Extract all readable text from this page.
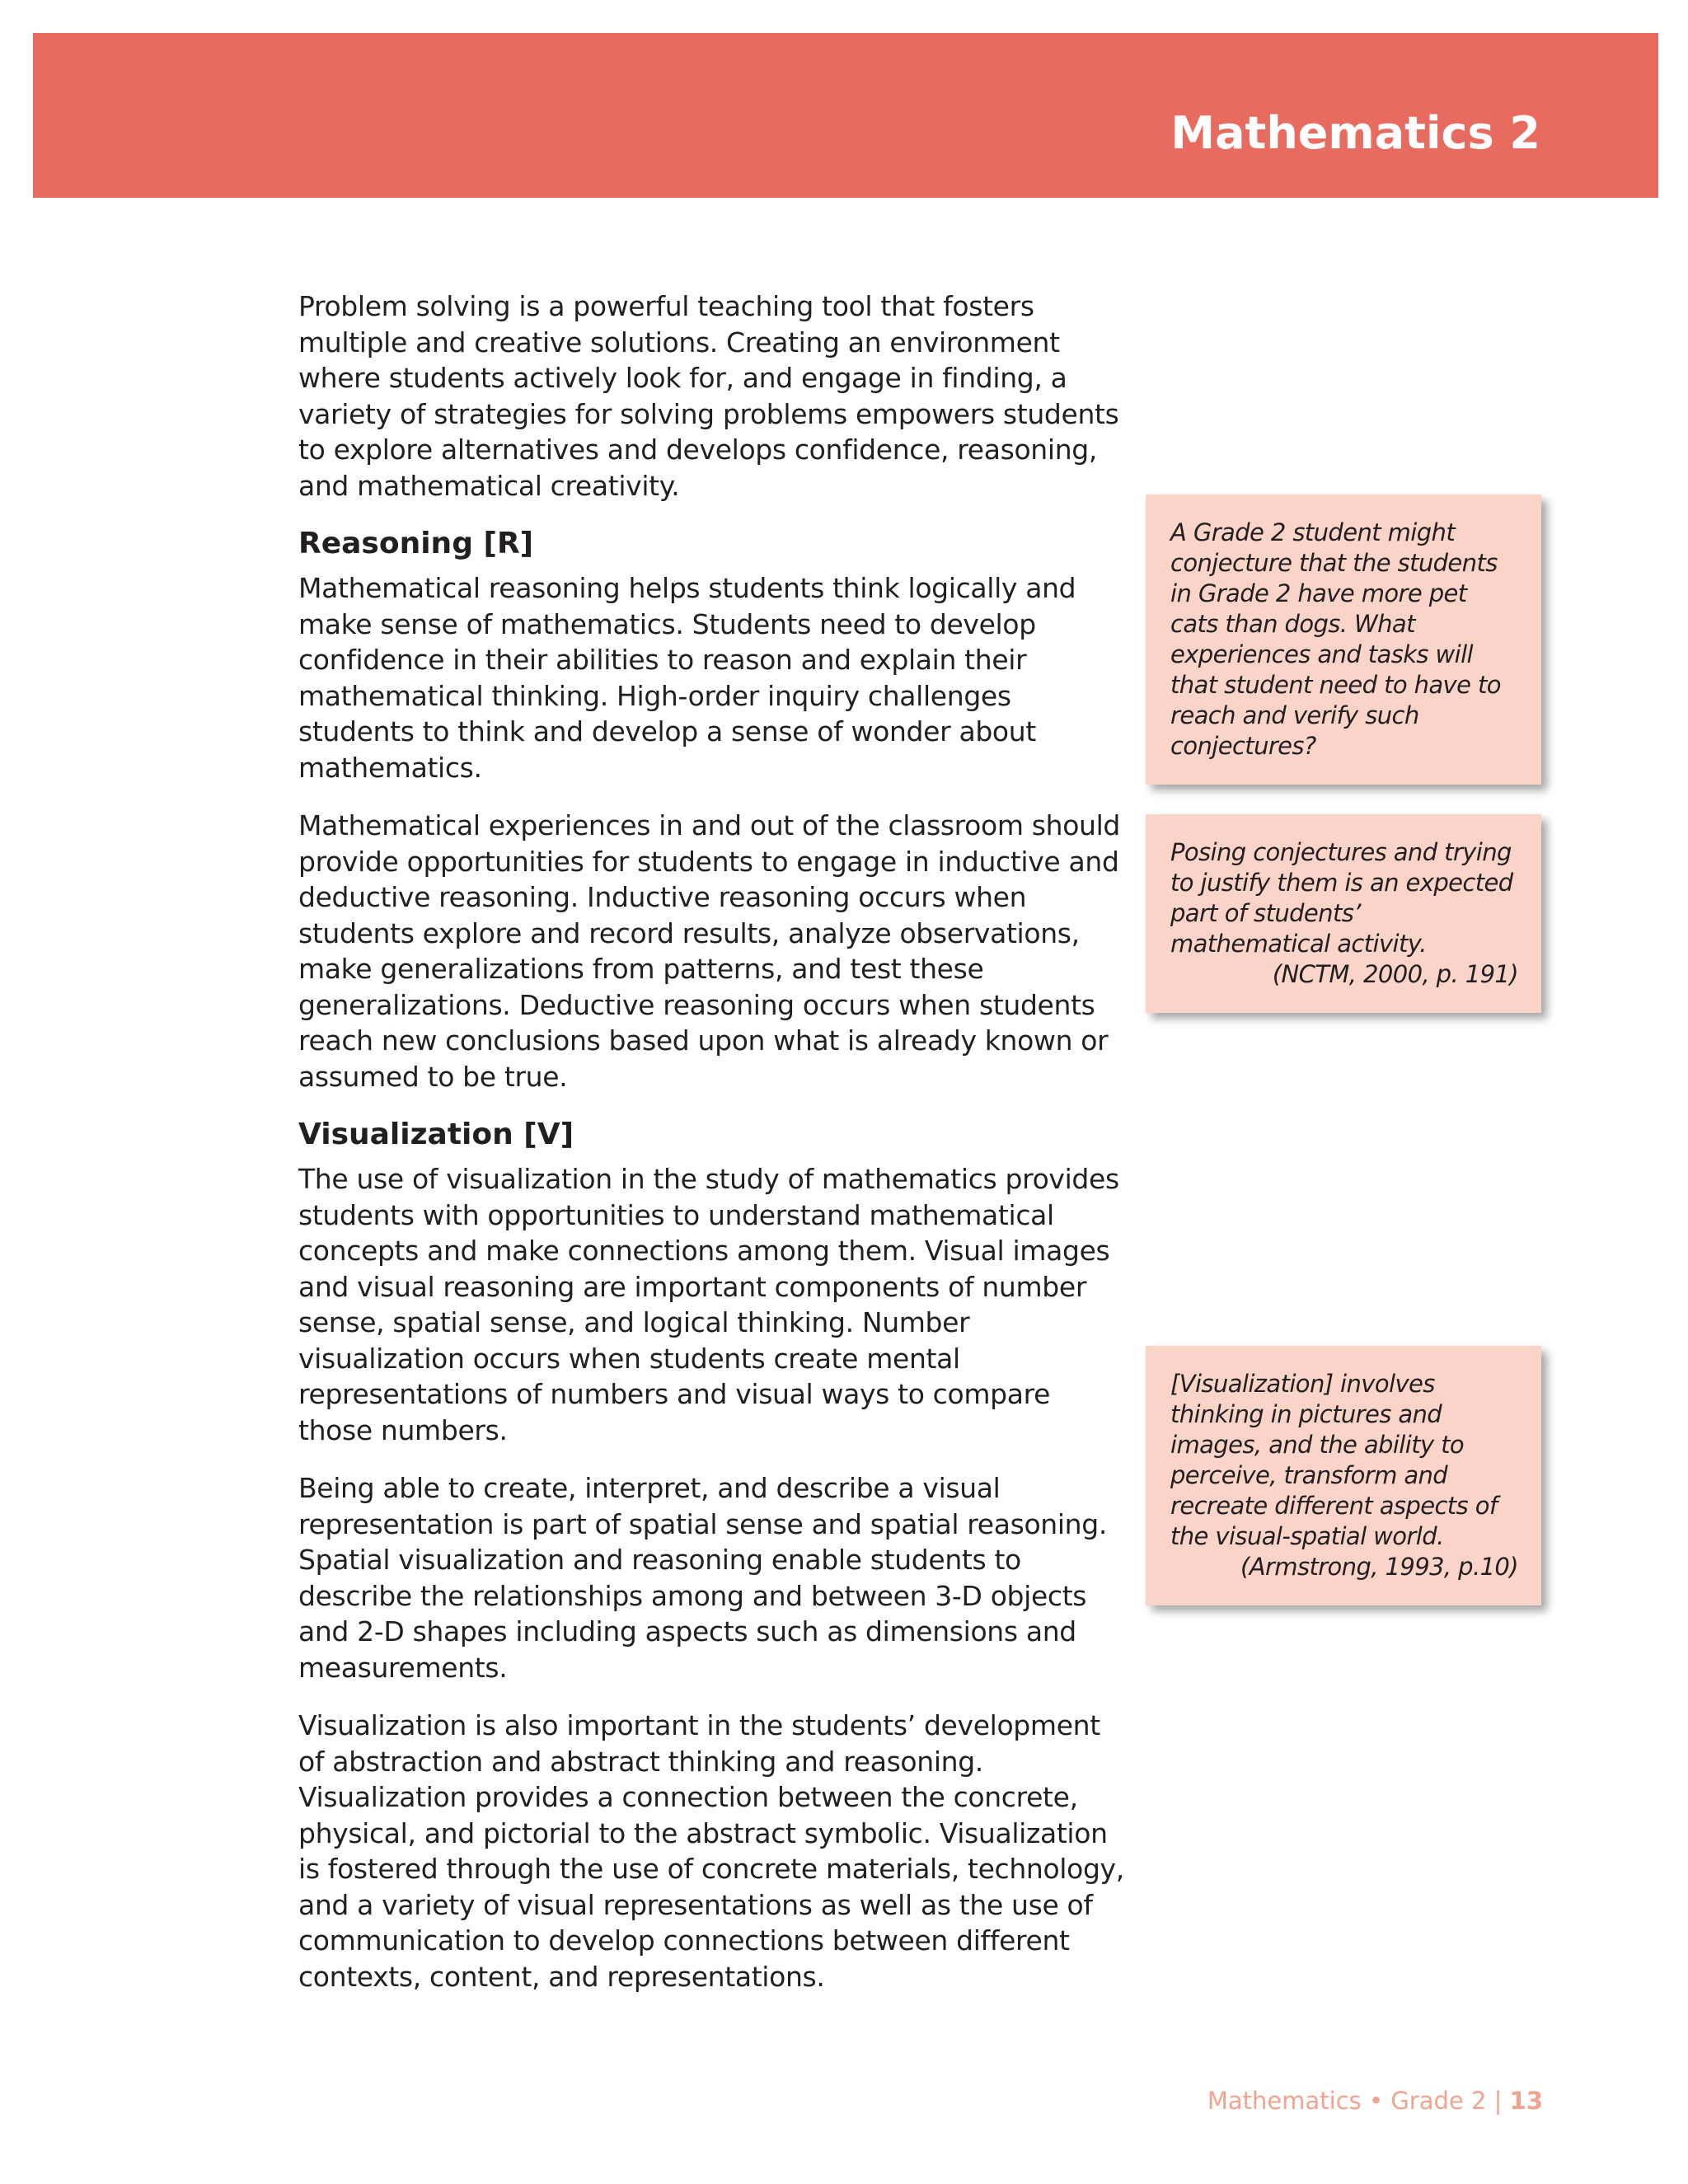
Mathematics 2

Problem solving is a powerful teaching tool that fosters multiple and creative solutions. Creating an environment where students actively look for, and engage in finding, a variety of strategies for solving problems empowers students to explore alternatives and develops confidence, reasoning, and mathematical creativity.

Reasoning [R]

Mathematical reasoning helps students think logically and make sense of mathematics. Students need to develop confidence in their abilities to reason and explain their mathematical thinking. High-order inquiry challenges students to think and develop a sense of wonder about mathematics.

Mathematical experiences in and out of the classroom should provide opportunities for students to engage in inductive and deductive reasoning. Inductive reasoning occurs when students explore and record results, analyze observations, make generalizations from patterns, and test these generalizations. Deductive reasoning occurs when students reach new conclusions based upon what is already known or assumed to be true.

Visualization [V]

The use of visualization in the study of mathematics provides students with opportunities to understand mathematical concepts and make connections among them. Visual images and visual reasoning are important components of number sense, spatial sense, and logical thinking. Number visualization occurs when students create mental representations of numbers and visual ways to compare those numbers.

Being able to create, interpret, and describe a visual representation is part of spatial sense and spatial reasoning. Spatial visualization and reasoning enable students to describe the relationships among and between 3-D objects and 2-D shapes including aspects such as dimensions and measurements.

Visualization is also important in the students’ development of abstraction and abstract thinking and reasoning. Visualization provides a connection between the concrete, physical, and pictorial to the abstract symbolic. Visualization is fostered through the use of concrete materials, technology, and a variety of visual representations as well as the use of communication to develop connections between different contexts, content, and representations.

A Grade 2 student might conjecture that the students in Grade 2 have more pet cats than dogs. What experiences and tasks will that student need to have to reach and verify such conjectures?
Posing conjectures and trying to justify them is an expected part of students’ mathematical activity.
(NCTM, 2000, p. 191)
[Visualization] involves thinking in pictures and images, and the ability to perceive, transform and recreate different aspects of the visual-spatial world.
(Armstrong, 1993, p.10)
Mathematics • Grade 2 | 13
